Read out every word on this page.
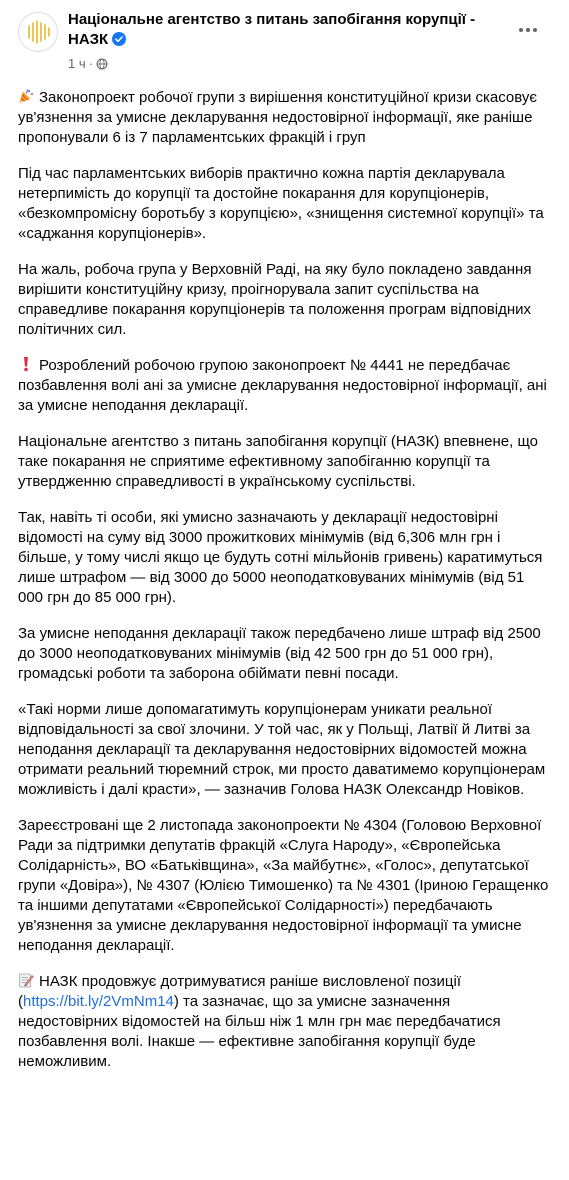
Національне агентство з питань запобігання корупції - НАЗК
1 ч ·

Законопроект робочої групи з вирішення конституційної кризи скасовує ув'язнення за умисне декларування недостовірної інформації, яке раніше пропонували 6 із 7 парламентських фракцій і груп

Під час парламентських виборів практично кожна партія декларувала нетерпимість до корупції та достойне покарання для корупціонерів, «безкомпромісну боротьбу з корупцією», «знищення системної корупції» та «саджання корупціонерів».

На жаль, робоча група у Верховній Раді, на яку було покладено завдання вирішити конституційну кризу, проігнорувала запит суспільства на справедливе покарання корупціонерів та положення програм відповідних політичних сил.

Розроблений робочою групою законопроект № 4441 не передбачає позбавлення волі ані за умисне декларування недостовірної інформації, ані за умисне неподання декларації.

Національне агентство з питань запобігання корупції (НАЗК) впевнене, що таке покарання не сприятиме ефективному запобіганню корупції та утвердженню справедливості в українському суспільстві.

Так, навіть ті особи, які умисно зазначають у декларації недостовірні відомості на суму від 3000 прожиткових мінімумів (від 6,306 млн грн і більше, у тому числі якщо це будуть сотні мільйонів гривень) каратимуться лише штрафом — від 3000 до 5000 неоподатковуваних мінімумів (від 51 000 грн до 85 000 грн).

За умисне неподання декларації також передбачено лише штраф від 2500 до 3000 неоподатковуваних мінімумів (від 42 500 грн до 51 000 грн), громадські роботи та заборона обіймати певні посади.

«Такі норми лише допомагатимуть корупціонерам уникати реальної відповідальності за свої злочини. У той час, як у Польщі, Латвії й Литві за неподання декларації та декларування недостовірних відомостей можна отримати реальний тюремний строк, ми просто даватимемо корупціонерам можливість і далі красти», — зазначив Голова НАЗК Олександр Новіков.

Зареєстровані ще 2 листопада законопроекти № 4304 (Головою Верховної Ради за підтримки депутатів фракцій «Слуга Народу», «Європейська Солідарність», ВО «Батьківщина», «За майбутнє», «Голос», депутатської групи «Довіра»), № 4307 (Юлією Тимошенко) та № 4301 (Іриною Геращенко та іншими депутатами «Європейської Солідарності») передбачають ув'язнення за умисне декларування недостовірної інформації та умисне неподання декларації.

НАЗК продовжує дотримуватися раніше висловленої позиції (https://bit.ly/2VmNm14) та зазначає, що за умисне зазначення недостовірних відомостей на більш ніж 1 млн грн має передбачатися позбавлення волі. Інакше — ефективне запобігання корупції буде неможливим.
